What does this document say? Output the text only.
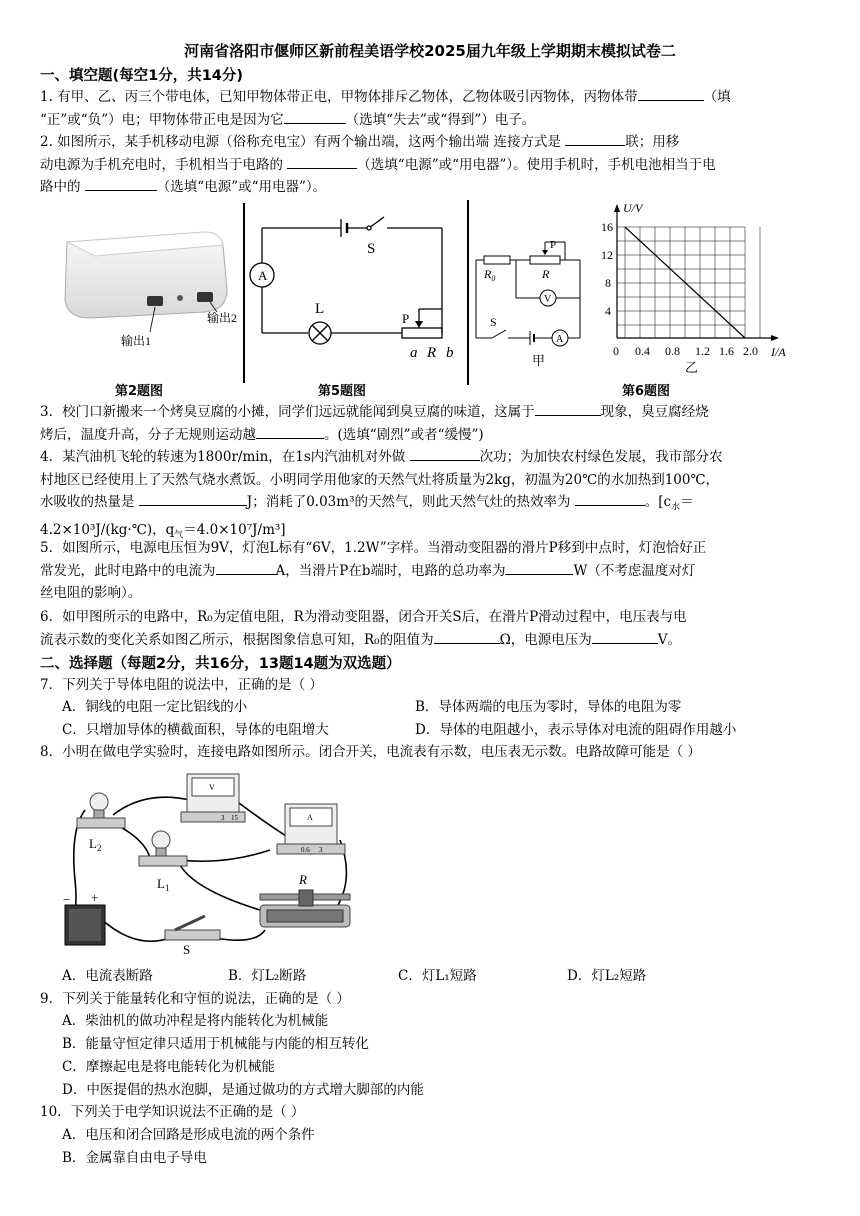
河南省洛阳市偃师区新前程美语学校2025届九年级上学期期末模拟试卷二
一、填空题(每空1分，共14分)
1. 有甲、乙、丙三个带电体，已知甲物体带正电，甲物体排斥乙物体，乙物体吸引丙物体，丙物体带	（填
“正”或“负”）电；甲物体带正电是因为它	（选填“失去”或“得到”）电子。
2. 如图所示，某手机移动电源（俗称充电宝）有两个输出端，这两个输出端 连接方式是	联；用移
动电源为手机充电时，手机相当于电路的	（选填“电源”或“用电器”）。使用手机时，手机电池相当于电
路中的	（选填“电源”或“用电器”）。
输出1
输出2
第2题图
A
S
L
P
a R b
第5题图
$R_0$	R
P
V
S
A
甲
U/V
I/A
16
12
8
4
0 0.4 0.8 1.2 1.6 2.0
乙
第6题图
3．校门口新搬来一个烤臭豆腐的小摊，同学们远远就能闻到臭豆腐的味道，这属于	现象，臭豆腐经烧
烤后，温度升高，分子无规则运动越	。(选填“剧烈”或者“缓慢”)
4．某汽油机飞轮的转速为1800r/min，在1s内汽油机对外做	次功；为加快农村绿色发展，我市部分农
村地区已经使用上了天然气烧水煮饭。小明同学用他家的天然气灶将质量为2kg，初温为20℃的水加热到100℃，
水吸收的热量是	J；消耗了0.03m³的天然气，则此天然气灶的热效率为	。[$c_水=$
4.2×10³J/(kg·℃)，$q_气=4.0\times 10^7J/m^3$]
5．如图所示，电源电压恒为9V，灯泡L标有“6V，1.2W”字样。当滑动变阻器的滑片P移到中点时，灯泡恰好正
常发光，此时电路中的电流为	A，当滑片P在b端时，电路的总功率为	W（不考虑温度对灯
丝电阻的影响）。
6．如甲图所示的电路中，R₀为定值电阻，R为滑动变阻器，闭合开关S后，在滑片P滑动过程中，电压表与电
流表示数的变化关系如图乙所示，根据图象信息可知，R₀的阻值为	Ω，电源电压为	V。
二、选择题（每题2分，共16分，13题14题为双选题）
7．下列关于导体电阻的说法中，正确的是（ ）
A．铜线的电阻一定比铝线的小	B．导体两端的电压为零时，导体的电阻为零
C．只增加导体的横截面积，导体的电阻增大	D．导体的电阻越小，表示导体对电流的阻碍作用越小
8．小明在做电学实验时，连接电路如图所示。闭合开关，电流表有示数，电压表无示数。电路故障可能是（ ）
$L_2$
V
3 15
$L_1$
A
0.6 3
R
− +
S
A．电流表断路	B．灯L₂断路	C．灯L₁短路	D．灯L₂短路
9．下列关于能量转化和守恒的说法，正确的是（ ）
A．柴油机的做功冲程是将内能转化为机械能
B．能量守恒定律只适用于机械能与内能的相互转化
C．摩擦起电是将电能转化为机械能
D．中医提倡的热水泡脚，是通过做功的方式增大脚部的内能
10．下列关于电学知识说法不正确的是（ ）
A．电压和闭合回路是形成电流的两个条件
B．金属靠自由电子导电
